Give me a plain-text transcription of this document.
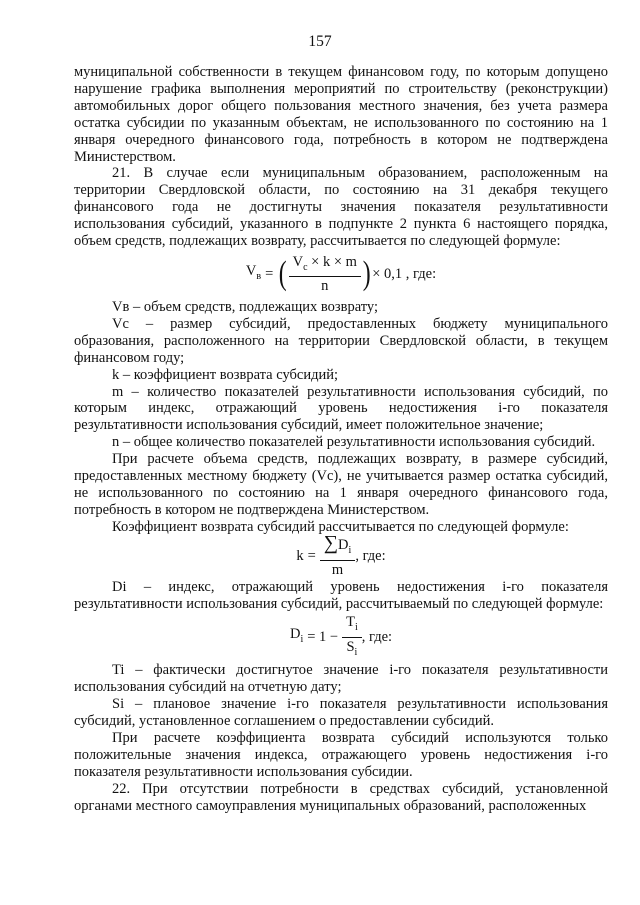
157

муниципальной собственности в текущем финансовом году, по которым допущено нарушение графика выполнения мероприятий по строительству (реконструкции) автомобильных дорог общего пользования местного значения, без учета размера остатка субсидии по указанным объектам, не использованного по состоянию на 1 января очередного финансового года, потребность в котором не подтверждена Министерством.

21. В случае если муниципальным образованием, расположенным на территории Свердловской области, по состоянию на 31 декабря текущего финансового года не достигнуты значения показателя результативности использования субсидий, указанного в подпункте 2 пункта 6 настоящего порядка, объем средств, подлежащих возврату, рассчитывается по следующей формуле:

$V_в$ = ( $\frac{V_c \times k \times m}{n}$ ) × 0,1 , где:

Vв – объем средств, подлежащих возврату;

Vс – размер субсидий, предоставленных бюджету муниципального образования, расположенного на территории Свердловской области, в текущем финансовом году;

k – коэффициент возврата субсидий;

m – количество показателей результативности использования субсидий, по которым индекс, отражающий уровень недостижения i-го показателя результативности использования субсидий, имеет положительное значение;

n – общее количество показателей результативности использования субсидий.

При расчете объема средств, подлежащих возврату, в размере субсидий, предоставленных местному бюджету (Vс), не учитывается размер остатка субсидий, не использованного по состоянию на 1 января очередного финансового года, потребность в котором не подтверждена Министерством.

Коэффициент возврата субсидий рассчитывается по следующей формуле:

$k = \frac{\sum D_i}{m}$ , где:

Di – индекс, отражающий уровень недостижения i-го показателя результативности использования субсидий, рассчитываемый по следующей формуле:

$D_i = 1 - \frac{T_i}{S_i}$ , где:

Ti – фактически достигнутое значение i-го показателя результативности использования субсидий на отчетную дату;

Si – плановое значение i-го показателя результативности использования субсидий, установленное соглашением о предоставлении субсидий.

При расчете коэффициента возврата субсидий используются только положительные значения индекса, отражающего уровень недостижения i-го показателя результативности использования субсидии.

22. При отсутствии потребности в средствах субсидий, установленной органами местного самоуправления муниципальных образований, расположенных
